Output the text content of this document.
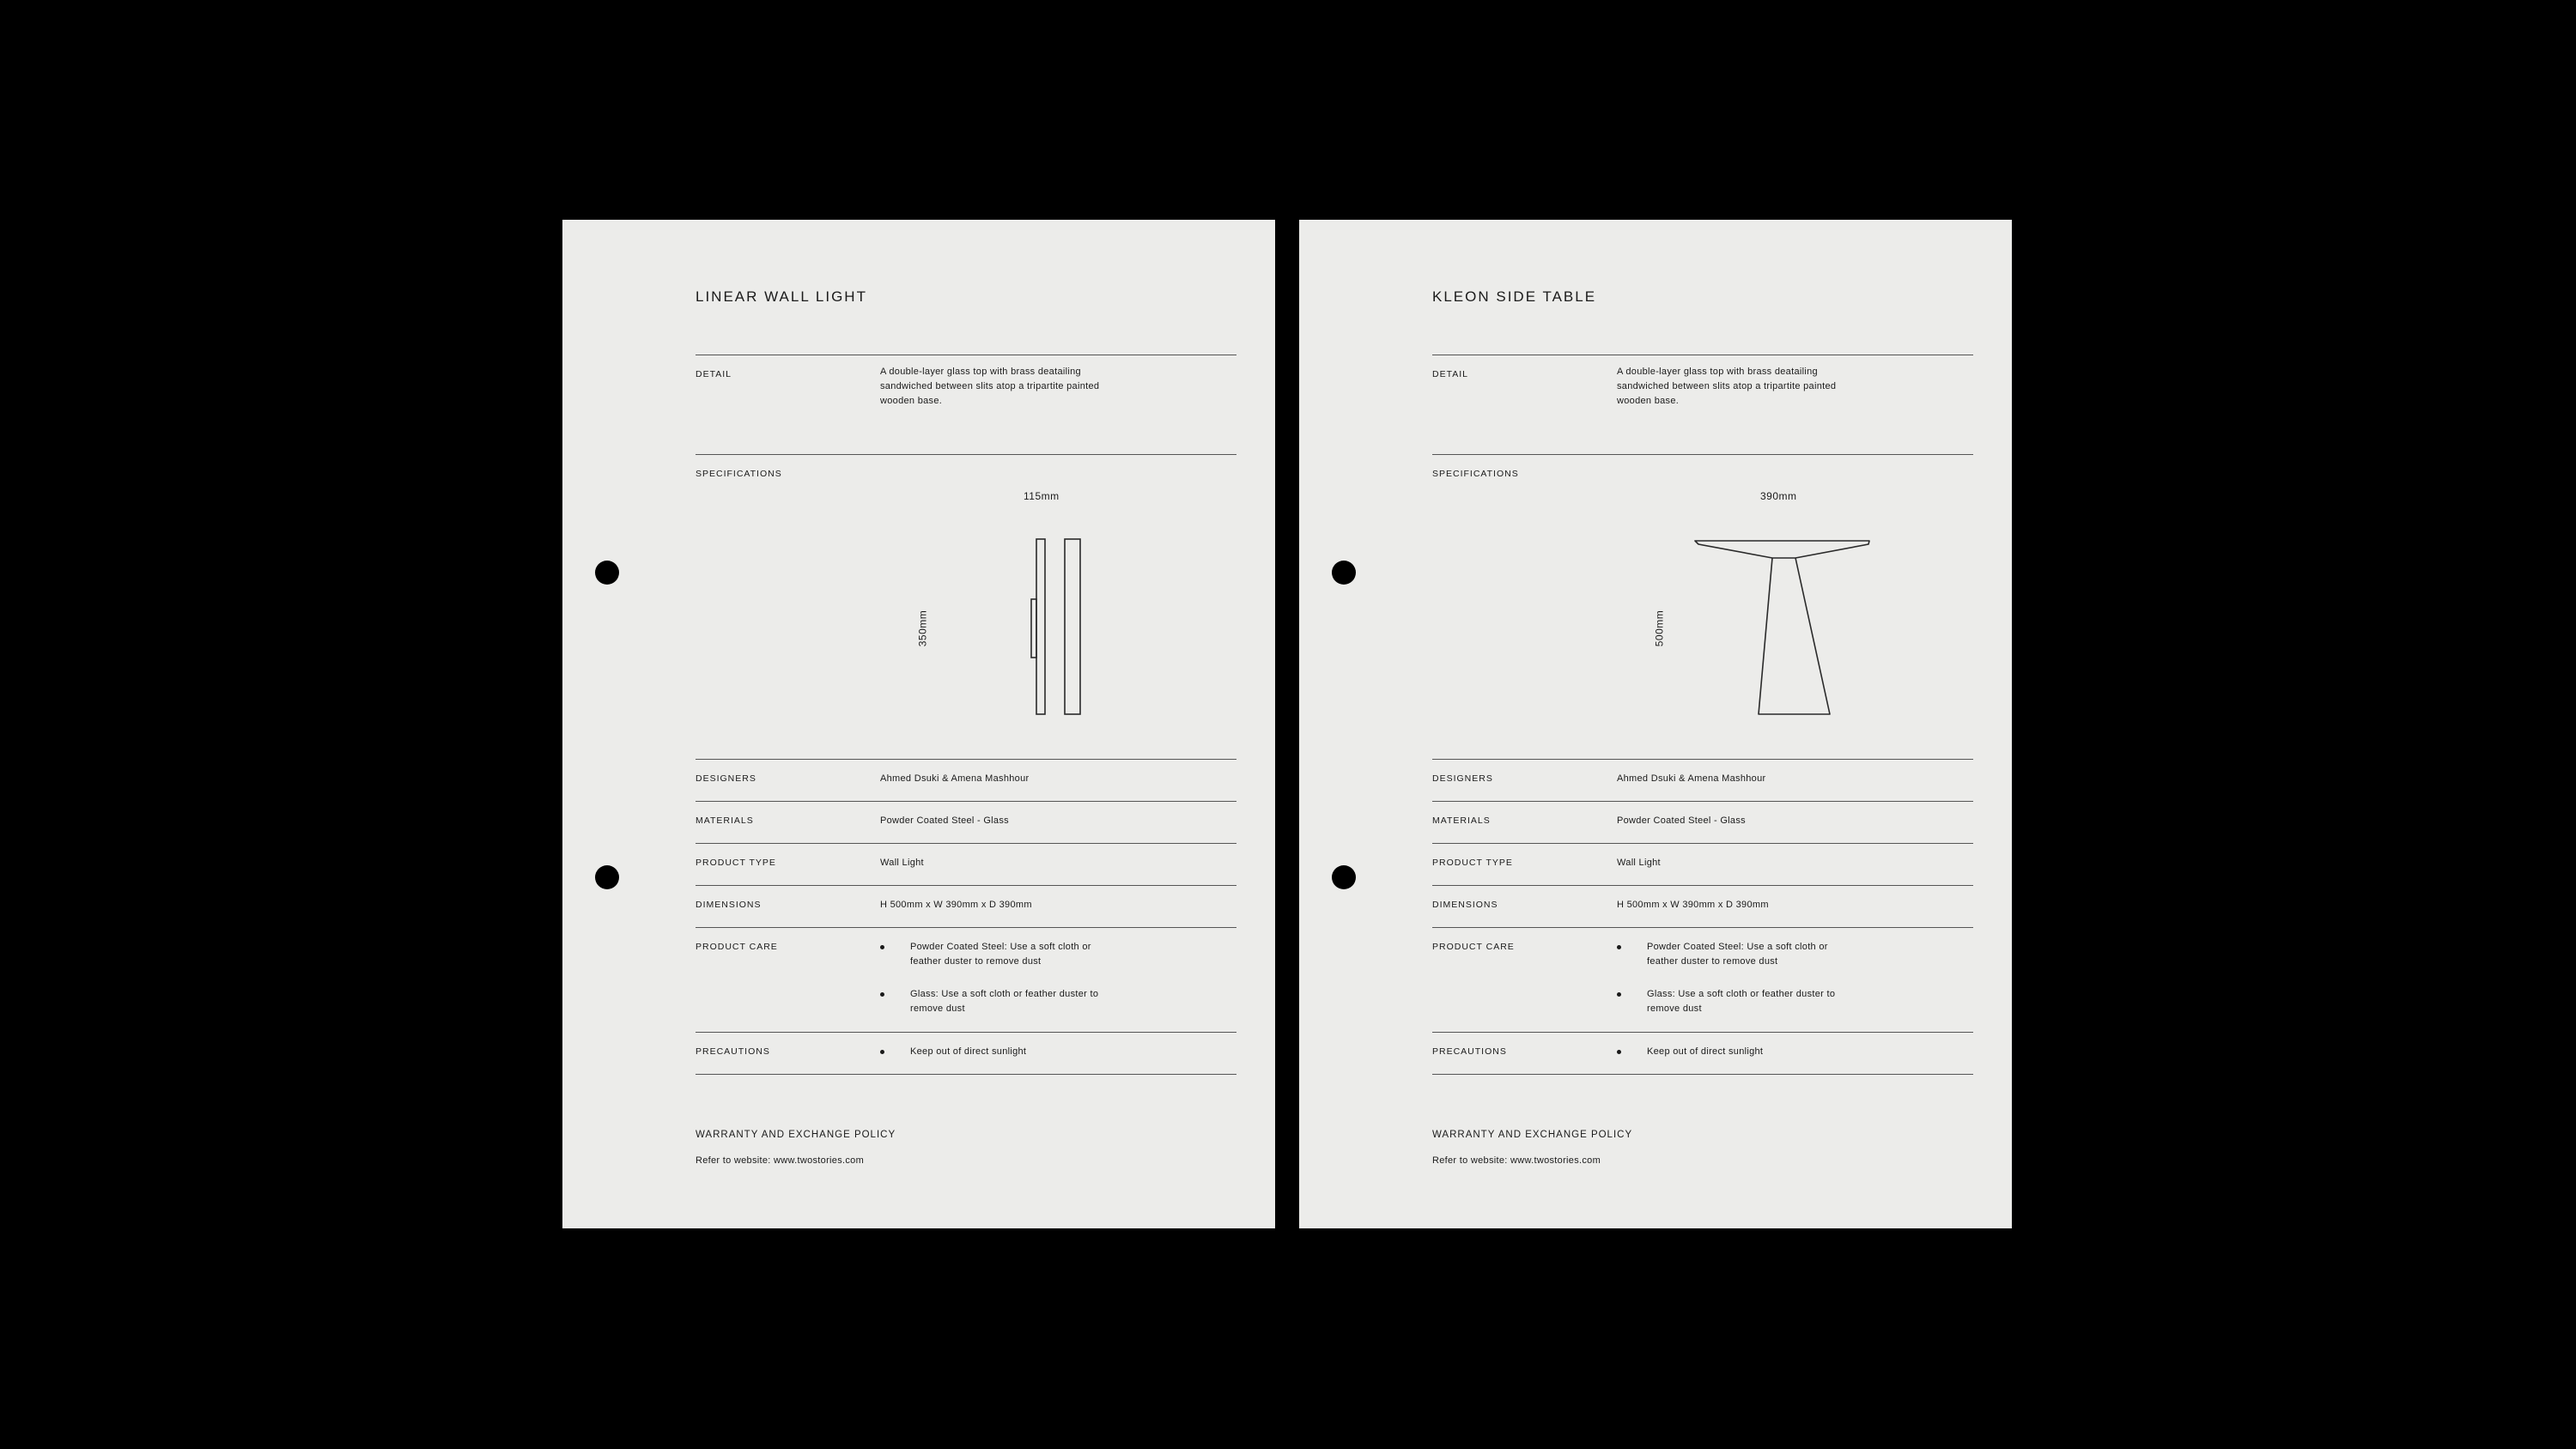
LINEAR WALL LIGHT
DETAIL	A double-layer glass top with brass deatailing sandwiched between slits atop a tripartite painted wooden base.
SPECIFICATIONS
115mm
350mm
DESIGNERS	Ahmed Dsuki & Amena Mashhour
MATERIALS	Powder Coated Steel - Glass
PRODUCT TYPE	Wall Light
DIMENSIONS	H 500mm x W 390mm x D 390mm
PRODUCT CARE	Powder Coated Steel: Use a soft cloth or feather duster to remove dust
Glass: Use a soft cloth or feather duster to remove dust
PRECAUTIONS	Keep out of direct sunlight
WARRANTY AND EXCHANGE POLICY
Refer to website: www.twostories.com
KLEON SIDE TABLE
DETAIL	A double-layer glass top with brass deatailing sandwiched between slits atop a tripartite painted wooden base.
SPECIFICATIONS
390mm
500mm
DESIGNERS	Ahmed Dsuki & Amena Mashhour
MATERIALS	Powder Coated Steel - Glass
PRODUCT TYPE	Wall Light
DIMENSIONS	H 500mm x W 390mm x D 390mm
PRODUCT CARE	Powder Coated Steel: Use a soft cloth or feather duster to remove dust
Glass: Use a soft cloth or feather duster to remove dust
PRECAUTIONS	Keep out of direct sunlight
WARRANTY AND EXCHANGE POLICY
Refer to website: www.twostories.com
